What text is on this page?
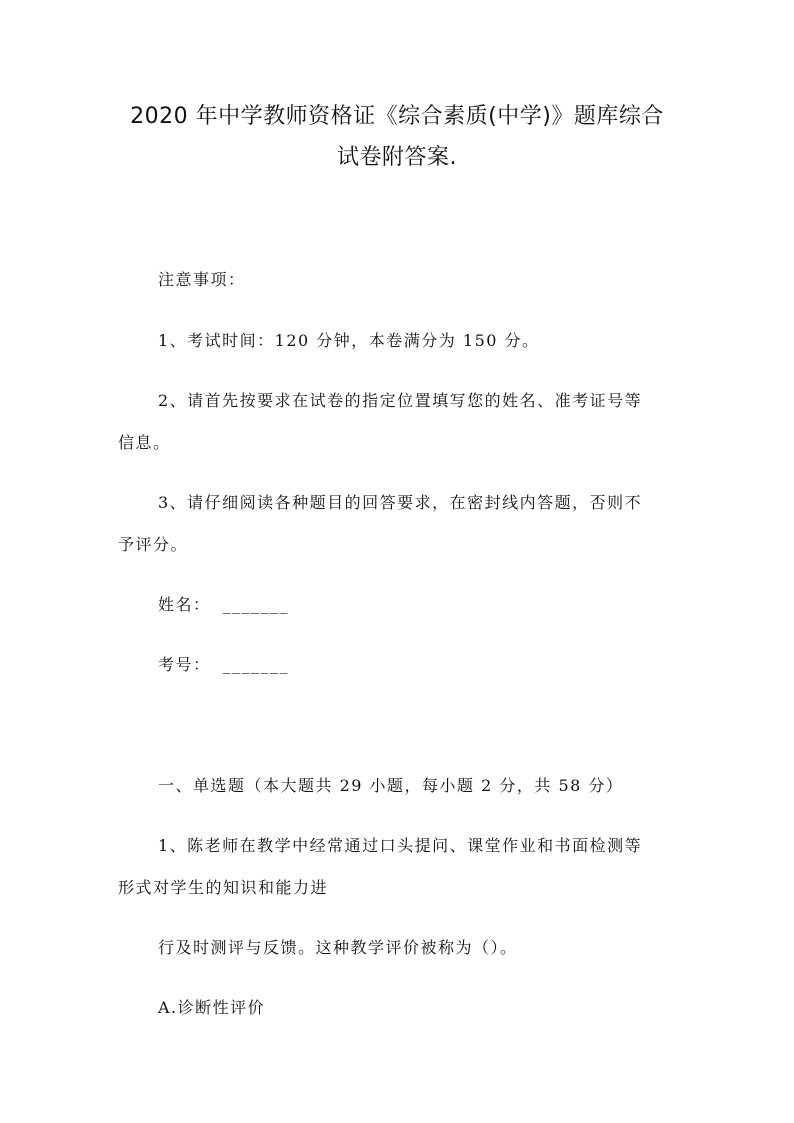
2020 年中学教师资格证《综合素质(中学)》题库综合
试卷附答案.
注意事项：
1、考试时间：120 分钟，本卷满分为 150 分。
2、请首先按要求在试卷的指定位置填写您的姓名、准考证号等
信息。
3、请仔细阅读各种题目的回答要求，在密封线内答题，否则不
予评分。
姓名： _______
考号： _______
一、单选题（本大题共 29 小题，每小题 2 分，共 58 分）
1、陈老师在教学中经常通过口头提问、课堂作业和书面检测等
形式对学生的知识和能力进
行及时测评与反馈。这种教学评价被称为（）。
A.诊断性评价
